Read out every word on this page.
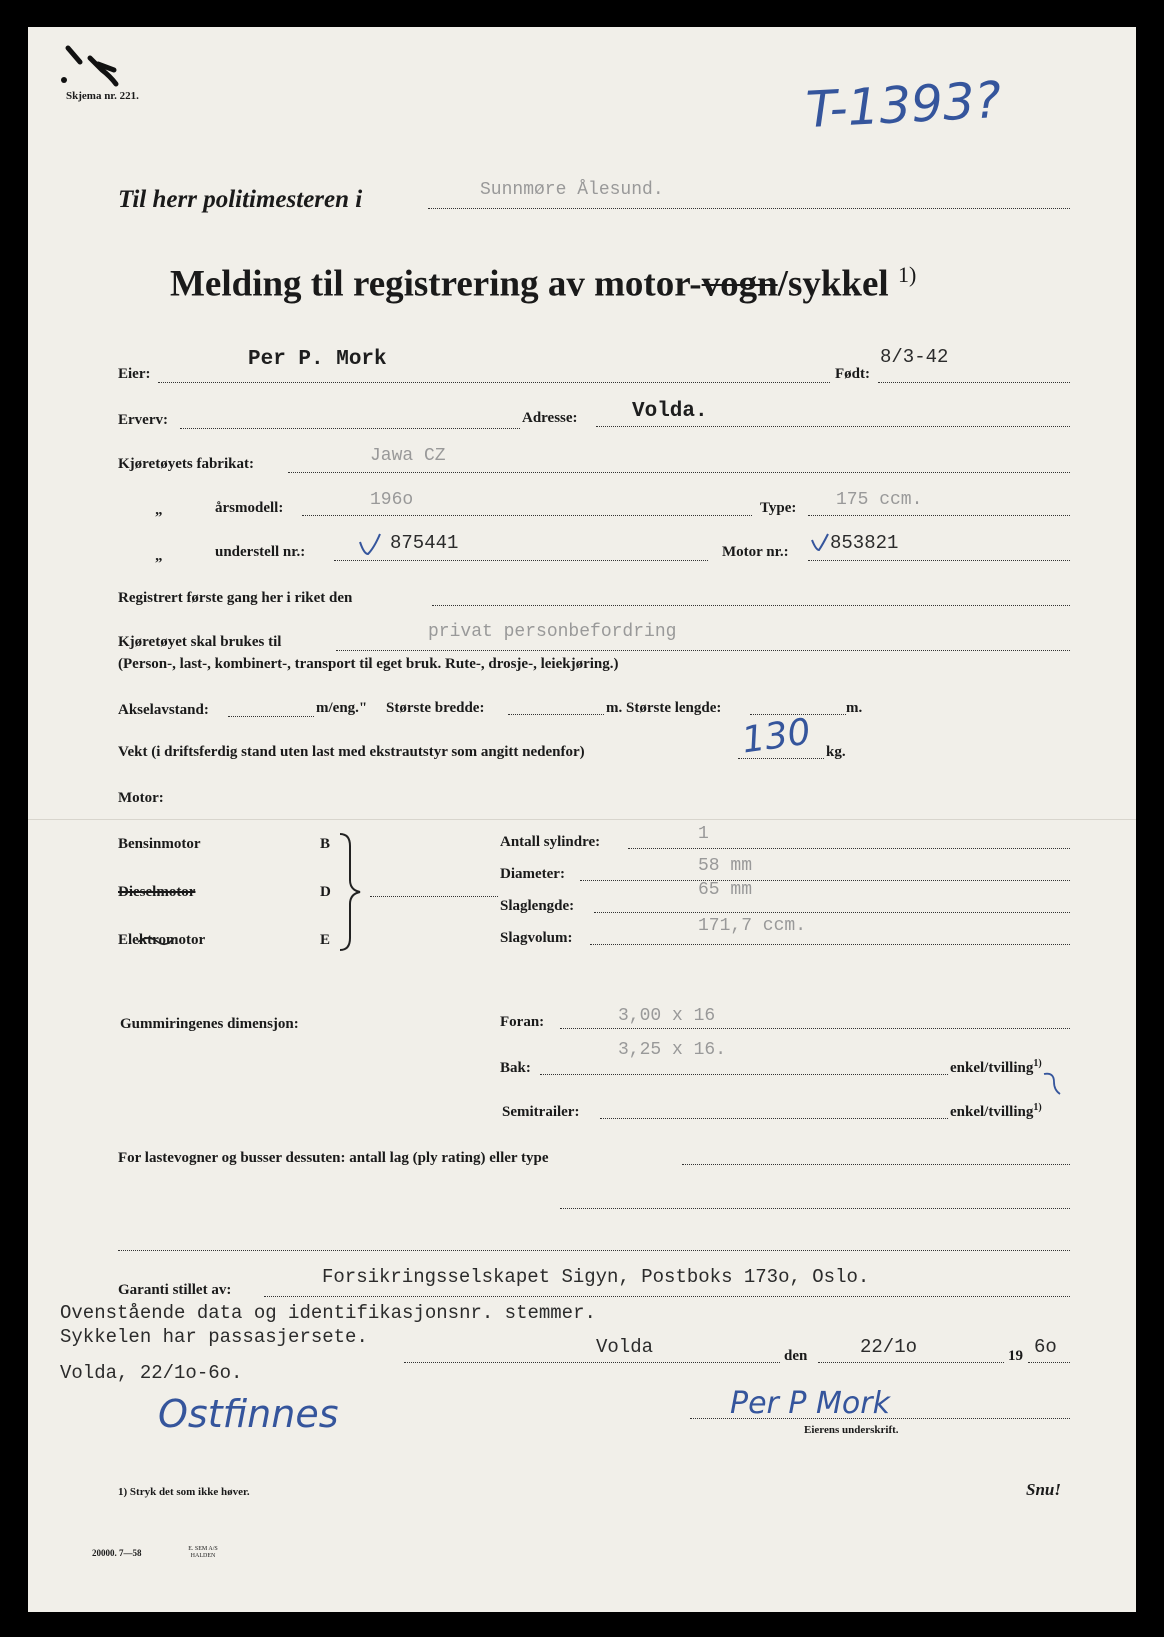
Skjema nr. 221.	T-1393?
Til herr politimesteren i	Sunnmøre Ålesund.
Melding til registrering av motor-vogn/sykkel $^{1)}$
Eier:
Per P. Mork
Født:
8/3-42
Erverv:	Adresse:	Volda.
Kjøretøyets fabrikat:	Jawa CZ
„	årsmodell:	196o	Type: 175 ccm.
„	understell nr.:	875441	Motor nr.: 853821
Registrert første gang her i riket den
Kjøretøyet skal brukes til	privat personbefordring
(Person-, last-, kombinert-, transport til eget bruk. Rute-, drosje-, leiekjøring.)
Akselavstand:	m/eng." Største bredde:	m. Største lengde:	m.
Vekt (i driftsferdig stand uten last med ekstrautstyr som angitt nedenfor)	130 kg.
Motor:
Bensinmotor	B
Dieselmotor	D
Elektromotor	E
Antall sylindre:	1
Diameter:	58 mm
Slaglengde:
65 mm
Slagvolum:
171,7 ccm.
Gummiringenes dimensjon:	Foran:	3,00 x 16
Bak:
3,25 x 16.
enkel/tvilling$^{1)}$
Semitrailer:	enkel/tvilling$^{1)}$
For lastevogner og busser dessuten: antall lag (ply rating) eller type
Garanti stillet av:
Forsikringsselskapet Sigyn, Postboks 173o, Oslo.
Ovenstående data og identifikasjonsnr. stemmer.
Sykkelen har passasjersete.
Volda, 22/1o-6o.
Ostfinnes
Volda	den	22/1o	19 6o
Per P Mork
Eierens underskrift.
1) Stryk det som ikke høver.	Snu!
20000. 7—58	E. SEM A/S
HALDEN
